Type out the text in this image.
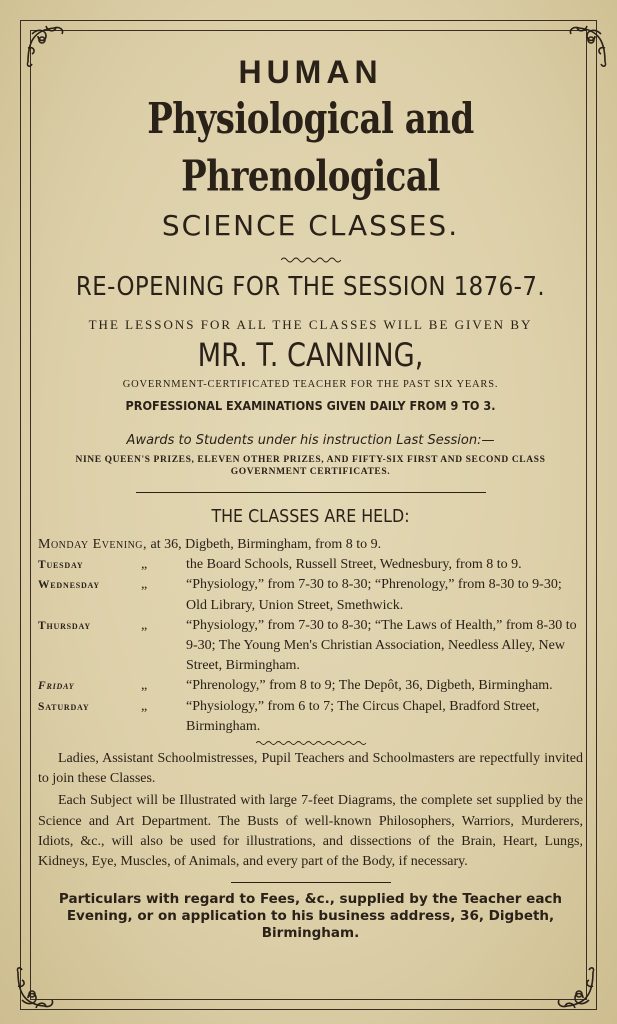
HUMAN
Physiological and Phrenological
SCIENCE CLASSES.
RE-OPENING FOR THE SESSION 1876-7.
THE LESSONS FOR ALL THE CLASSES WILL BE GIVEN BY
MR. T. CANNING,
GOVERNMENT-CERTIFICATED TEACHER FOR THE PAST SIX YEARS.
PROFESSIONAL EXAMINATIONS GIVEN DAILY FROM 9 TO 3.
Awards to Students under his instruction Last Session:—
NINE QUEEN'S PRIZES, ELEVEN OTHER PRIZES, AND FIFTY-SIX FIRST AND SECOND CLASS GOVERNMENT CERTIFICATES.
THE CLASSES ARE HELD:
Monday Evening, at 36, Digbeth, Birmingham, from 8 to 9.
Tuesday	„	the Board Schools, Russell Street, Wednesbury, from 8 to 9.
Wednesday	„	“Physiology,” from 7-30 to 8-30; “Phrenology,” from 8-30 to 9-30; Old Library, Union Street, Smethwick.
Thursday	„	“Physiology,” from 7-30 to 8-30; “The Laws of Health,” from 8-30 to 9-30; The Young Men's Christian Association, Needless Alley, New Street, Birmingham.
Friday	„	“Phrenology,” from 8 to 9; The Depôt, 36, Digbeth, Birmingham.
Saturday	„	“Physiology,” from 6 to 7; The Circus Chapel, Bradford Street, Birmingham.

Ladies, Assistant Schoolmistresses, Pupil Teachers and Schoolmasters are repectfully invited to join these Classes.

Each Subject will be Illustrated with large 7-feet Diagrams, the complete set supplied by the Science and Art Department. The Busts of well-known Philosophers, Warriors, Murderers, Idiots, &c., will also be used for illustrations, and dissections of the Brain, Heart, Lungs, Kidneys, Eye, Muscles, of Animals, and every part of the Body, if necessary.

Particulars with regard to Fees, &c., supplied by the Teacher each Evening, or on application to his business address, 36, Digbeth, Birmingham.
